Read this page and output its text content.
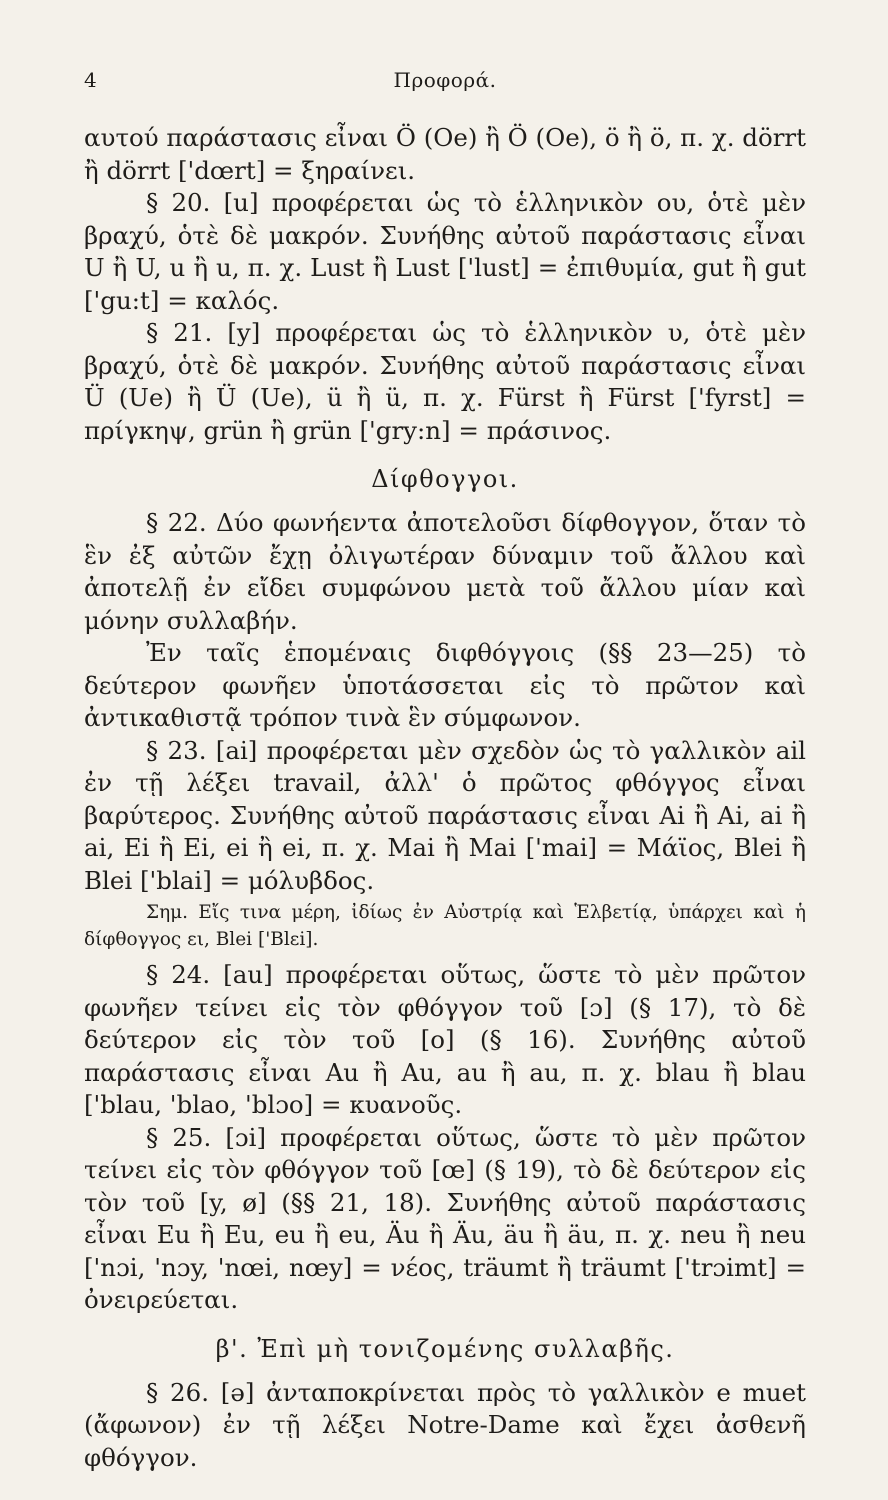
4	Προφορά.

αυτού παράστασις εἶναι Ö (Oe) ἢ Ö (Oe), ö ἢ ö, π. χ. dörrt ἢ dörrt ['dœrt] = ξηραίνει.

§ 20. [u] προφέρεται ὡς τὸ ἑλληνικὸν ου, ὁτὲ μὲν βραχύ, ὁτὲ δὲ μακρόν. Συνήθης αὐτοῦ παράστασις εἶναι U ἢ U, u ἢ u, π. χ. Lust ἢ Lust ['lust] = ἐπιθυμία, gut ἢ gut ['gu:t] = καλός.

§ 21. [y] προφέρεται ὡς τὸ ἑλληνικὸν υ, ὁτὲ μὲν βραχύ, ὁτὲ δὲ μακρόν. Συνήθης αὐτοῦ παράστασις εἶναι Ü (Ue) ἢ Ü (Ue), ü ἢ ü, π. χ. Fürst ἢ Fürst ['fyrst] = πρίγκηψ, grün ἢ grün ['gry:n] = πράσινος.

Δίφθογγοι.

§ 22. Δύο φωνήεντα ἀποτελοῦσι δίφθογγον, ὅταν τὸ ἓν ἐξ αὐτῶν ἔχῃ ὀλιγωτέραν δύναμιν τοῦ ἄλλου καὶ ἀποτελῇ ἐν εἴδει συμφώνου μετὰ τοῦ ἄλλου μίαν καὶ μόνην συλλαβήν.

Ἐν ταῖς ἑπομέναις διφθόγγοις (§§ 23—25) τὸ δεύτερον φωνῆεν ὑποτάσσεται εἰς τὸ πρῶτον καὶ ἀντικαθιστᾷ τρόπον τινὰ ἓν σύμφωνον.

§ 23. [ai] προφέρεται μὲν σχεδὸν ὡς τὸ γαλλικὸν ail ἐν τῇ λέξει travail, ἀλλ' ὁ πρῶτος φθόγγος εἶναι βαρύτερος. Συνήθης αὐτοῦ παράστασις εἶναι Ai ἢ Ai, ai ἢ ai, Ei ἢ Ei, ei ἢ ei, π. χ. Mai ἢ Mai ['mai] = Μάϊος, Blei ἢ Blei ['blai] = μόλυβδος.

Σημ. Εἴς τινα μέρη, ἰδίως ἐν Αὐστρίᾳ καὶ Ἑλβετίᾳ, ὑπάρχει καὶ ἡ δίφθογγος ει, Blei ['Blεi].

§ 24. [au] προφέρεται οὕτως, ὥστε τὸ μὲν πρῶτον φωνῆεν τείνει εἰς τὸν φθόγγον τοῦ [ɔ] (§ 17), τὸ δὲ δεύτερον εἰς τὸν τοῦ [o] (§ 16). Συνήθης αὐτοῦ παράστασις εἶναι Au ἢ Au, au ἢ au, π. χ. blau ἢ blau ['blau, 'blao, 'blɔo] = κυανοῦς.

§ 25. [ɔi] προφέρεται οὕτως, ὥστε τὸ μὲν πρῶτον τείνει εἰς τὸν φθόγγον τοῦ [œ] (§ 19), τὸ δὲ δεύτερον εἰς τὸν τοῦ [y, ø] (§§ 21, 18). Συνήθης αὐτοῦ παράστασις εἶναι Eu ἢ Eu, eu ἢ eu, Äu ἢ Äu, äu ἢ äu, π. χ. neu ἢ neu ['nɔi, 'nɔy, 'nœi, nœy] = νέος, träumt ἢ träumt ['trɔimt] = ὀνειρεύεται.

β'. Ἐπὶ μὴ τονιζομένης συλλαβῆς.

§ 26. [ə] ἀνταποκρίνεται πρὸς τὸ γαλλικὸν e muet (ἄφωνον) ἐν τῇ λέξει Notre-Dame καὶ ἔχει ἀσθενῆ φθόγγον.
